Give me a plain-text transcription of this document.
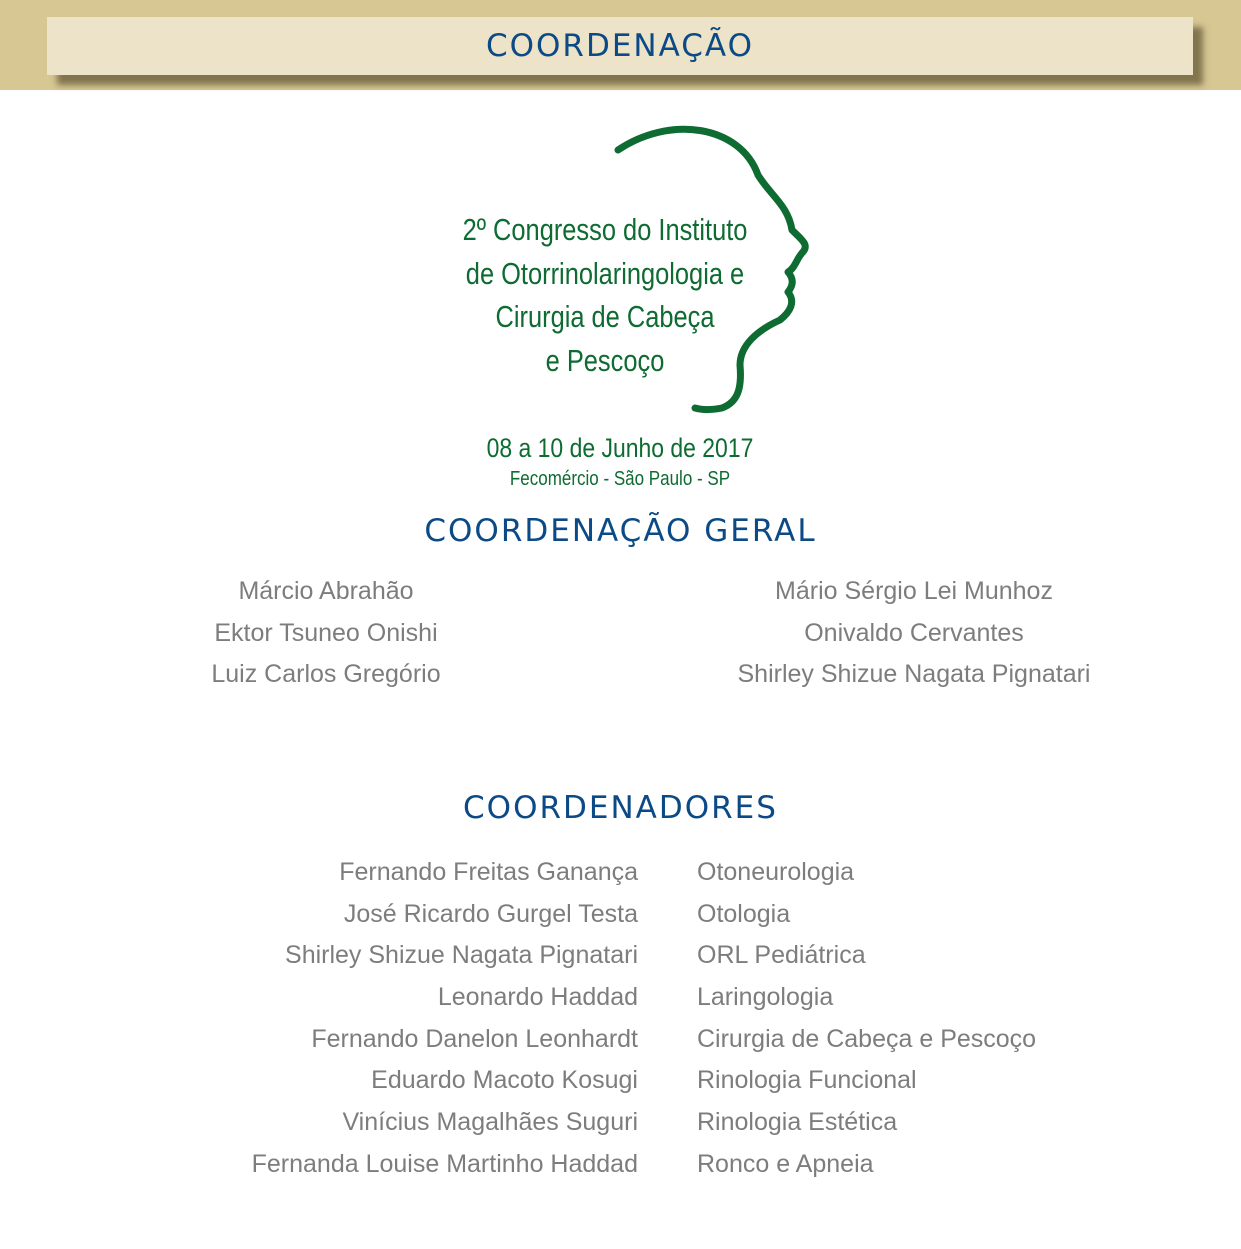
COORDENAÇÃO
2º Congresso do Instituto
de Otorrinolaringologia e
Cirurgia de Cabeça
e Pescoço
08 a 10 de Junho de 2017
Fecomércio - São Paulo - SP
COORDENAÇÃO GERAL
Márcio Abrahão
Ektor Tsuneo Onishi
Luiz Carlos Gregório
Mário Sérgio Lei Munhoz
Onivaldo Cervantes
Shirley Shizue Nagata Pignatari
COORDENADORES
Fernando Freitas Ganança
José Ricardo Gurgel Testa
Shirley Shizue Nagata Pignatari
Leonardo Haddad
Fernando Danelon Leonhardt
Eduardo Macoto Kosugi
Vinícius Magalhães Suguri
Fernanda Louise Martinho Haddad
Otoneurologia
Otologia
ORL Pediátrica
Laringologia
Cirurgia de Cabeça e Pescoço
Rinologia Funcional
Rinologia Estética
Ronco e Apneia
